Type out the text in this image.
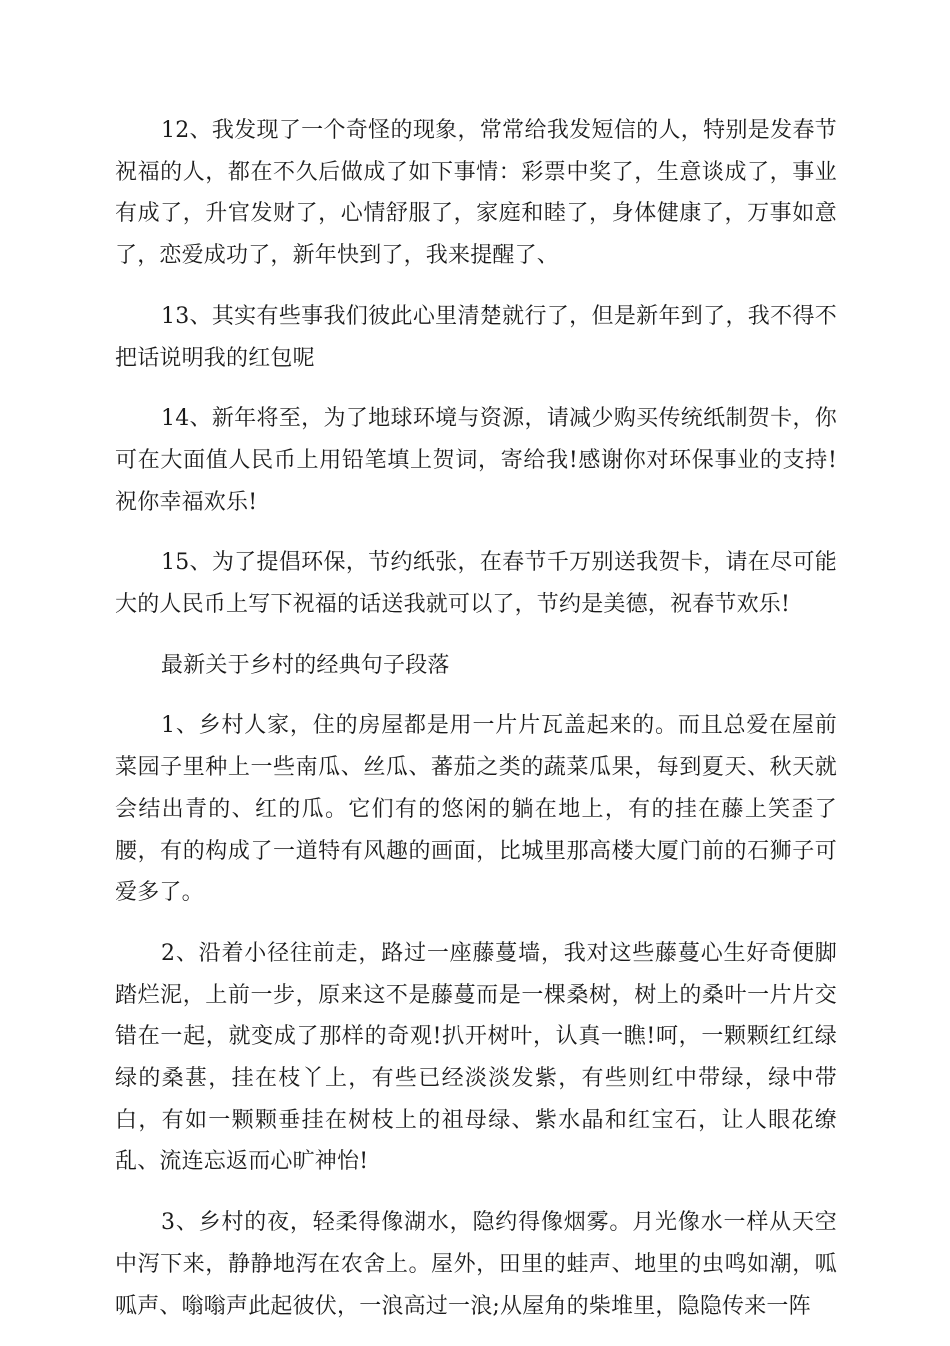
12、我发现了一个奇怪的现象，常常给我发短信的人，特别是发春节祝福的人，都在不久后做成了如下事情：彩票中奖了，生意谈成了，事业有成了，升官发财了，心情舒服了，家庭和睦了，身体健康了，万事如意了，恋爱成功了，新年快到了，我来提醒了、

13、其实有些事我们彼此心里清楚就行了，但是新年到了，我不得不把话说明我的红包呢

14、新年将至，为了地球环境与资源，请减少购买传统纸制贺卡，你可在大面值人民币上用铅笔填上贺词，寄给我!感谢你对环保事业的支持!祝你幸福欢乐!

15、为了提倡环保，节约纸张，在春节千万别送我贺卡，请在尽可能大的人民币上写下祝福的话送我就可以了，节约是美德，祝春节欢乐!

最新关于乡村的经典句子段落

1、乡村人家，住的房屋都是用一片片瓦盖起来的。而且总爱在屋前菜园子里种上一些南瓜、丝瓜、蕃茄之类的蔬菜瓜果，每到夏天、秋天就会结出青的、红的瓜。它们有的悠闲的躺在地上，有的挂在藤上笑歪了腰，有的构成了一道特有风趣的画面，比城里那高楼大厦门前的石狮子可爱多了。

2、沿着小径往前走，路过一座藤蔓墙，我对这些藤蔓心生好奇便脚踏烂泥，上前一步，原来这不是藤蔓而是一棵桑树，树上的桑叶一片片交错在一起，就变成了那样的奇观!扒开树叶，认真一瞧!呵，一颗颗红红绿绿的桑葚，挂在枝丫上，有些已经淡淡发紫，有些则红中带绿，绿中带白，有如一颗颗垂挂在树枝上的祖母绿、紫水晶和红宝石，让人眼花缭乱、流连忘返而心旷神怡!

3、乡村的夜，轻柔得像湖水，隐约得像烟雾。月光像水一样从天空中泻下来，静静地泻在农舍上。屋外，田里的蛙声、地里的虫鸣如潮，呱呱声、嗡嗡声此起彼伏，一浪高过一浪;从屋角的柴堆里，隐隐传来一阵
